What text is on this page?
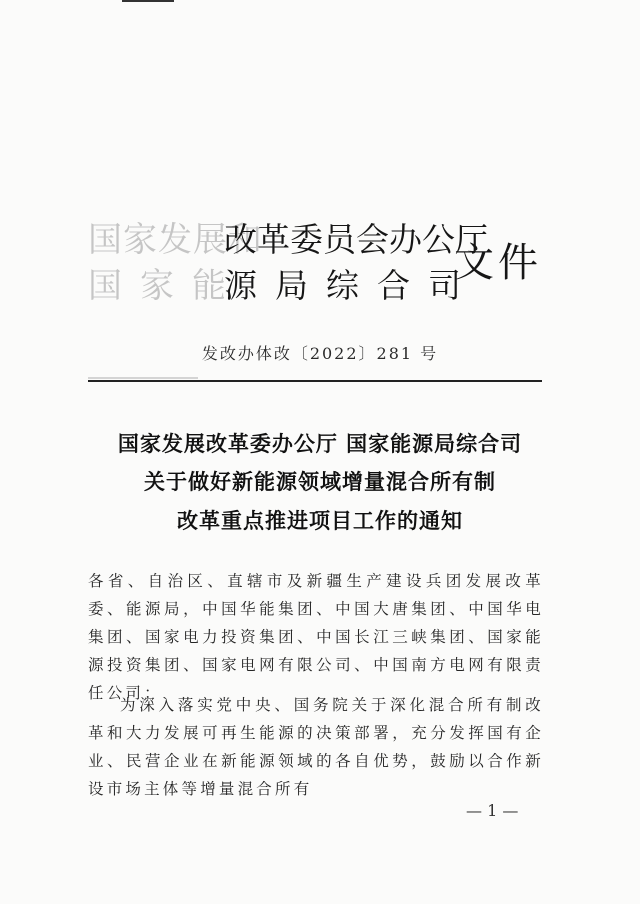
国家发展和
改革委员会办公厅
国家能
源局综合司
文件
发改办体改〔2022〕281 号
国家发展改革委办公厅 国家能源局综合司
关于做好新能源领域增量混合所有制
改革重点推进项目工作的通知
各省、自治区、直辖市及新疆生产建设兵团发展改革委、能源局，中国华能集团、中国大唐集团、中国华电集团、国家电力投资集团、中国长江三峡集团、国家能源投资集团、国家电网有限公司、中国南方电网有限责任公司：
为深入落实党中央、国务院关于深化混合所有制改革和大力发展可再生能源的决策部署，充分发挥国有企业、民营企业在新能源领域的各自优势，鼓励以合作新设市场主体等增量混合所有
— 1 —
